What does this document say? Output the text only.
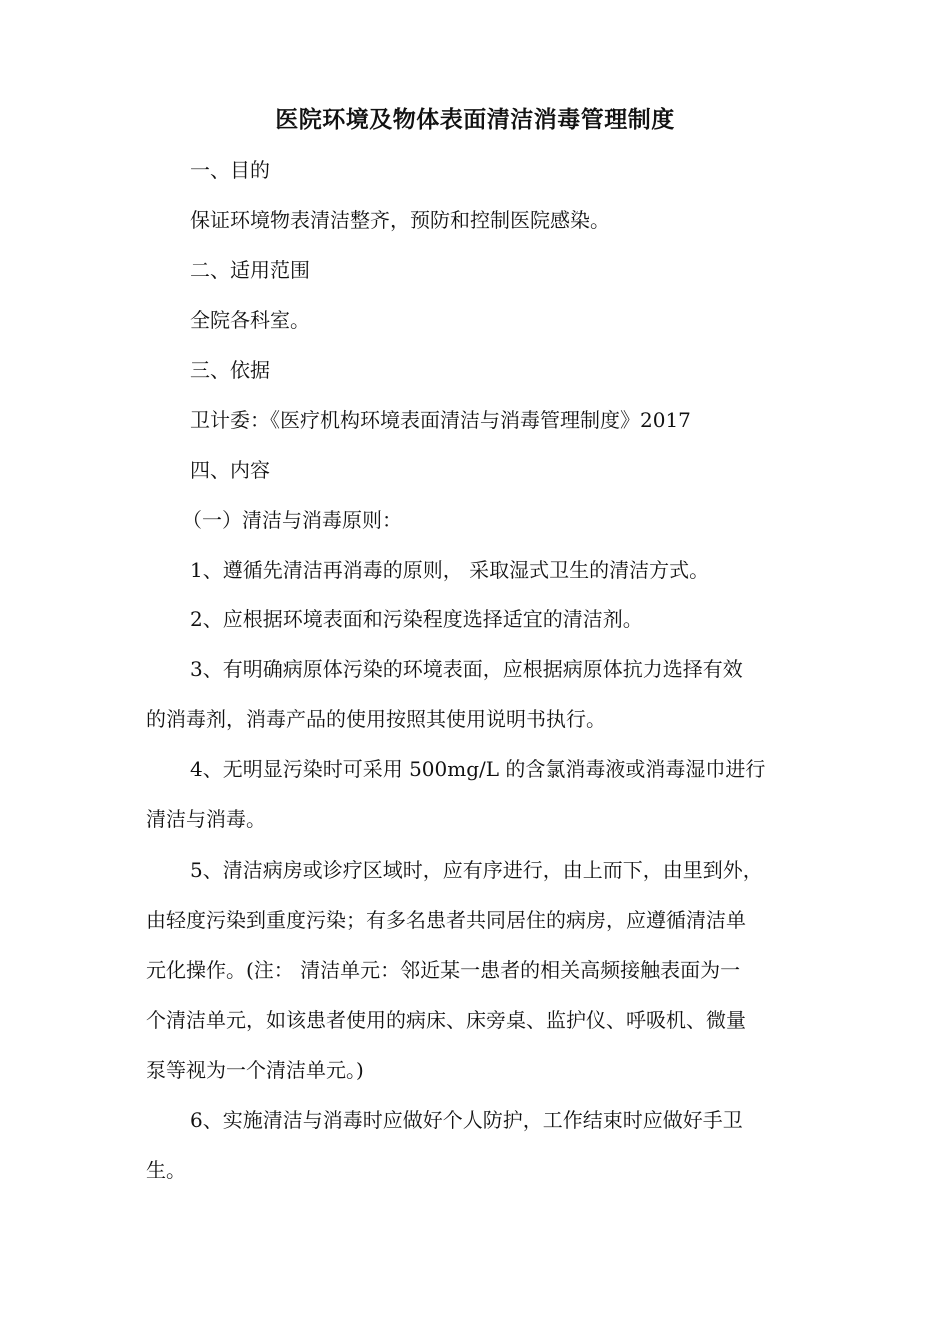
医院环境及物体表面清洁消毒管理制度
一、目的
保证环境物表清洁整齐，预防和控制医院感染。
二、适用范围
全院各科室。
三、依据
卫计委：《医疗机构环境表面清洁与消毒管理制度》2017
四、内容
（一）清洁与消毒原则：
1、遵循先清洁再消毒的原则， 采取湿式卫生的清洁方式。
2、应根据环境表面和污染程度选择适宜的清洁剂。
3、有明确病原体污染的环境表面，应根据病原体抗力选择有效
的消毒剂，消毒产品的使用按照其使用说明书执行。
4、无明显污染时可采用 500mg/L 的含氯消毒液或消毒湿巾进行
清洁与消毒。
5、清洁病房或诊疗区域时，应有序进行，由上而下，由里到外，
由轻度污染到重度污染；有多名患者共同居住的病房，应遵循清洁单
元化操作。(注： 清洁单元：邻近某一患者的相关高频接触表面为一
个清洁单元，如该患者使用的病床、床旁桌、监护仪、呼吸机、微量
泵等视为一个清洁单元。)
6、实施清洁与消毒时应做好个人防护，工作结束时应做好手卫
生。
